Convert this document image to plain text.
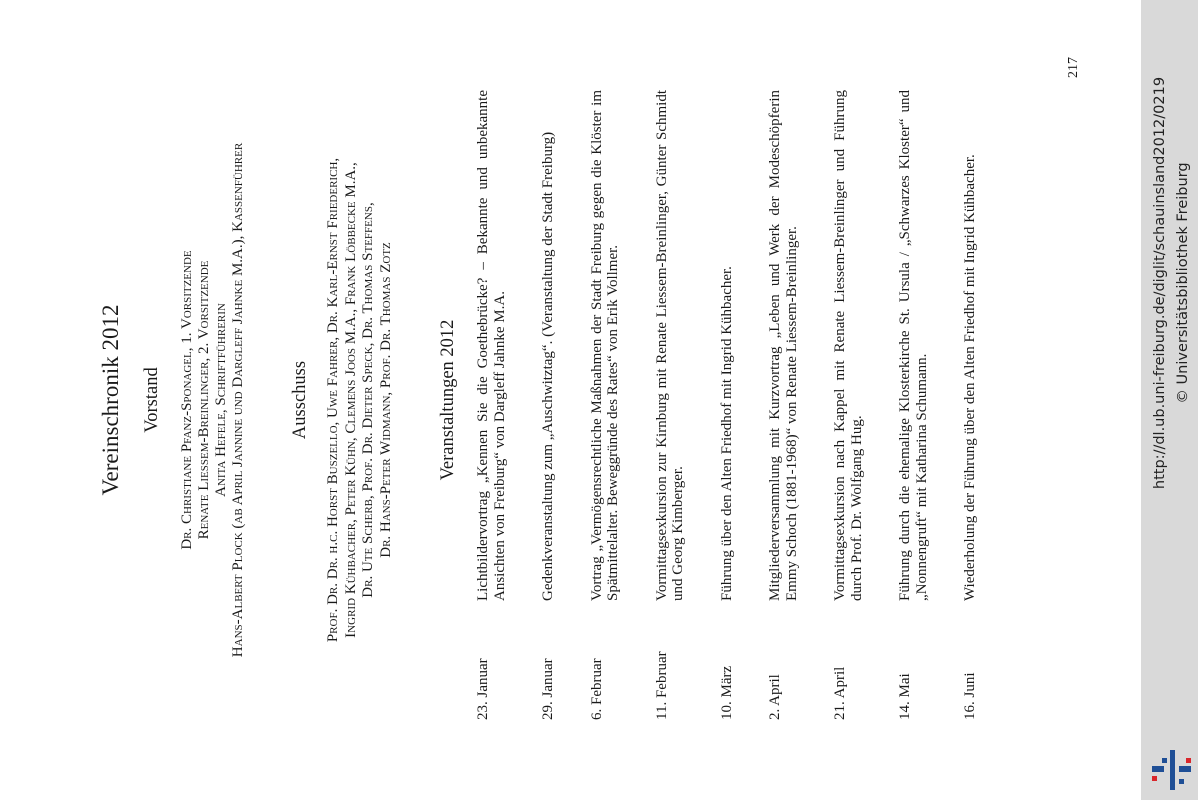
http://dl.ub.uni-freiburg.de/diglit/schauinsland2012/0219 © Universitätsbibliothek Freiburg
Vereinschronik 2012 Vorstand Dr. Christiane Pfanz-Sponagel, 1. Vorsitzende Renate Liessem-Breinlinger, 2. Vorsitzende Anita Hefele, Schriftführerin Hans-Albert Plock (ab April Jannine und Dargleff Jahnke M.A.), Kassenführer Ausschuss Prof. Dr. Dr. h.c. Horst Buszello, Uwe Fahrer, Dr. Karl-Ernst Friederich, Ingrid Kühbacher, Peter Kühn, Clemens Joos M.A., Frank Löbbecke M.A., Dr. Ute Scherb, Prof. Dr. Dieter Speck, Dr. Thomas Steffens, Dr. Hans-Peter Widmann, Prof. Dr. Thomas Zotz Veranstaltungen 2012
23. Januar
Lichtbildervortrag „Kennen Sie die Goethebrücke? – Bekannte und unbekannte Ansichten von Freiburg“ von Dargleff Jahnke M.A.
29. Januar
Gedenkveranstaltung zum „Auschwitztag“. (Veranstaltung der Stadt Freiburg)
6. Februar
Vortrag „Vermögensrechtliche Maßnahmen der Stadt Freiburg gegen die Klöster im Spätmittelalter. Beweggründe des Rates“ von Erik Vollmer.
11. Februar
Vormittagsexkursion zur Kirnburg mit Renate Liessem-Breinlinger, Günter Schmidt und Georg Kimberger.
10. März
Führung über den Alten Friedhof mit Ingrid Kühbacher.
2. April
Mitgliederversammlung mit Kurzvortrag „Leben und Werk der Modeschöpferin Emmy Schoch (1881-1968)“ von Renate Liessem-Breinlinger.
21. April
Vormittagsexkursion nach Kappel mit Renate Liessem-Breinlinger und Führung durch Prof. Dr. Wolfgang Hug.
14. Mai
Führung durch die ehemalige Klosterkirche St. Ursula / „Schwarzes Kloster“ und „Nonnengruft“ mit Katharina Schumann.
16. Juni
Wiederholung der Führung über den Alten Friedhof mit Ingrid Kühbacher.
217
